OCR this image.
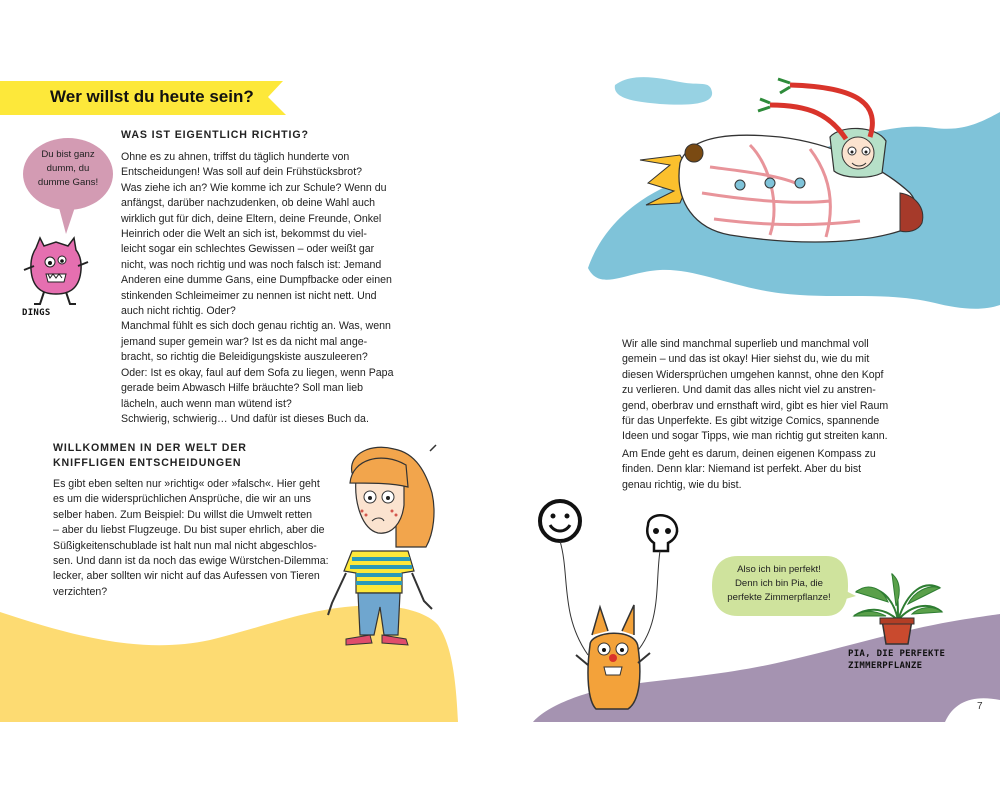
Wer willst du heute sein?
Du bist ganz
dumm, du
dumme Gans!
DINGS
WAS IST EIGENTLICH RICHTIG?
Ohne es zu ahnen, triffst du täglich hunderte von
Entscheidungen! Was soll auf dein Frühstücksbrot?
Was ziehe ich an? Wie komme ich zur Schule? Wenn du
anfängst, darüber nachzudenken, ob deine Wahl auch
wirklich gut für dich, deine Eltern, deine Freunde, Onkel
Heinrich oder die Welt an sich ist, bekommst du viel-
leicht sogar ein schlechtes Gewissen – oder weißt gar
nicht, was noch richtig und was noch falsch ist: Jemand
Anderen eine dumme Gans, eine Dumpfbacke oder einen
stinkenden Schleimeimer zu nennen ist nicht nett. Und
auch nicht richtig. Oder?
Manchmal fühlt es sich doch genau richtig an. Was, wenn
jemand super gemein war? Ist es da nicht mal ange-
bracht, so richtig die Beleidigungskiste auszuleeren?
Oder: Ist es okay, faul auf dem Sofa zu liegen, wenn Papa
gerade beim Abwasch Hilfe bräuchte? Soll man lieb
lächeln, auch wenn man wütend ist?
Schwierig, schwierig… Und dafür ist dieses Buch da.
WILLKOMMEN IN DER WELT DER
KNIFFLIGEN ENTSCHEIDUNGEN
Es gibt eben selten nur »richtig« oder »falsch«. Hier geht
es um die widersprüchlichen Ansprüche, die wir an uns
selber haben. Zum Beispiel: Du willst die Umwelt retten
– aber du liebst Flugzeuge. Du bist super ehrlich, aber die
Süßigkeitenschublade ist halt nun mal nicht abgeschlos-
sen. Und dann ist da noch das ewige Würstchen-Dilemma:
lecker, aber sollten wir nicht auf das Aufessen von Tieren
verzichten?
Wir alle sind manchmal superlieb und manchmal voll
gemein – und das ist okay! Hier siehst du, wie du mit
diesen Widersprüchen umgehen kannst, ohne den Kopf
zu verlieren. Und damit das alles nicht viel zu anstren-
gend, oberbrav und ernsthaft wird, gibt es hier viel Raum
für das Unperfekte. Es gibt witzige Comics, spannende
Ideen und sogar Tipps, wie man richtig gut streiten kann.
Am Ende geht es darum, deinen eigenen Kompass zu
finden. Denn klar: Niemand ist perfekt. Aber du bist
genau richtig, wie du bist.
Also ich bin perfekt!
Denn ich bin Pia, die
perfekte Zimmerpflanze!
PIA, DIE PERFEKTE
ZIMMERPFLANZE
7
